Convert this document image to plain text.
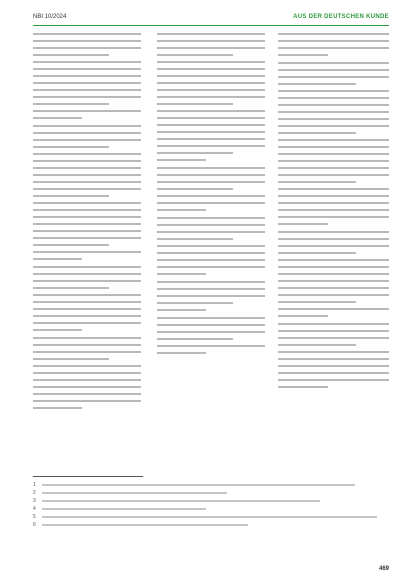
NBI 10/2024	AUS DER DEUTSCHEN KUNDE
1
2
3
4
5
6
469
